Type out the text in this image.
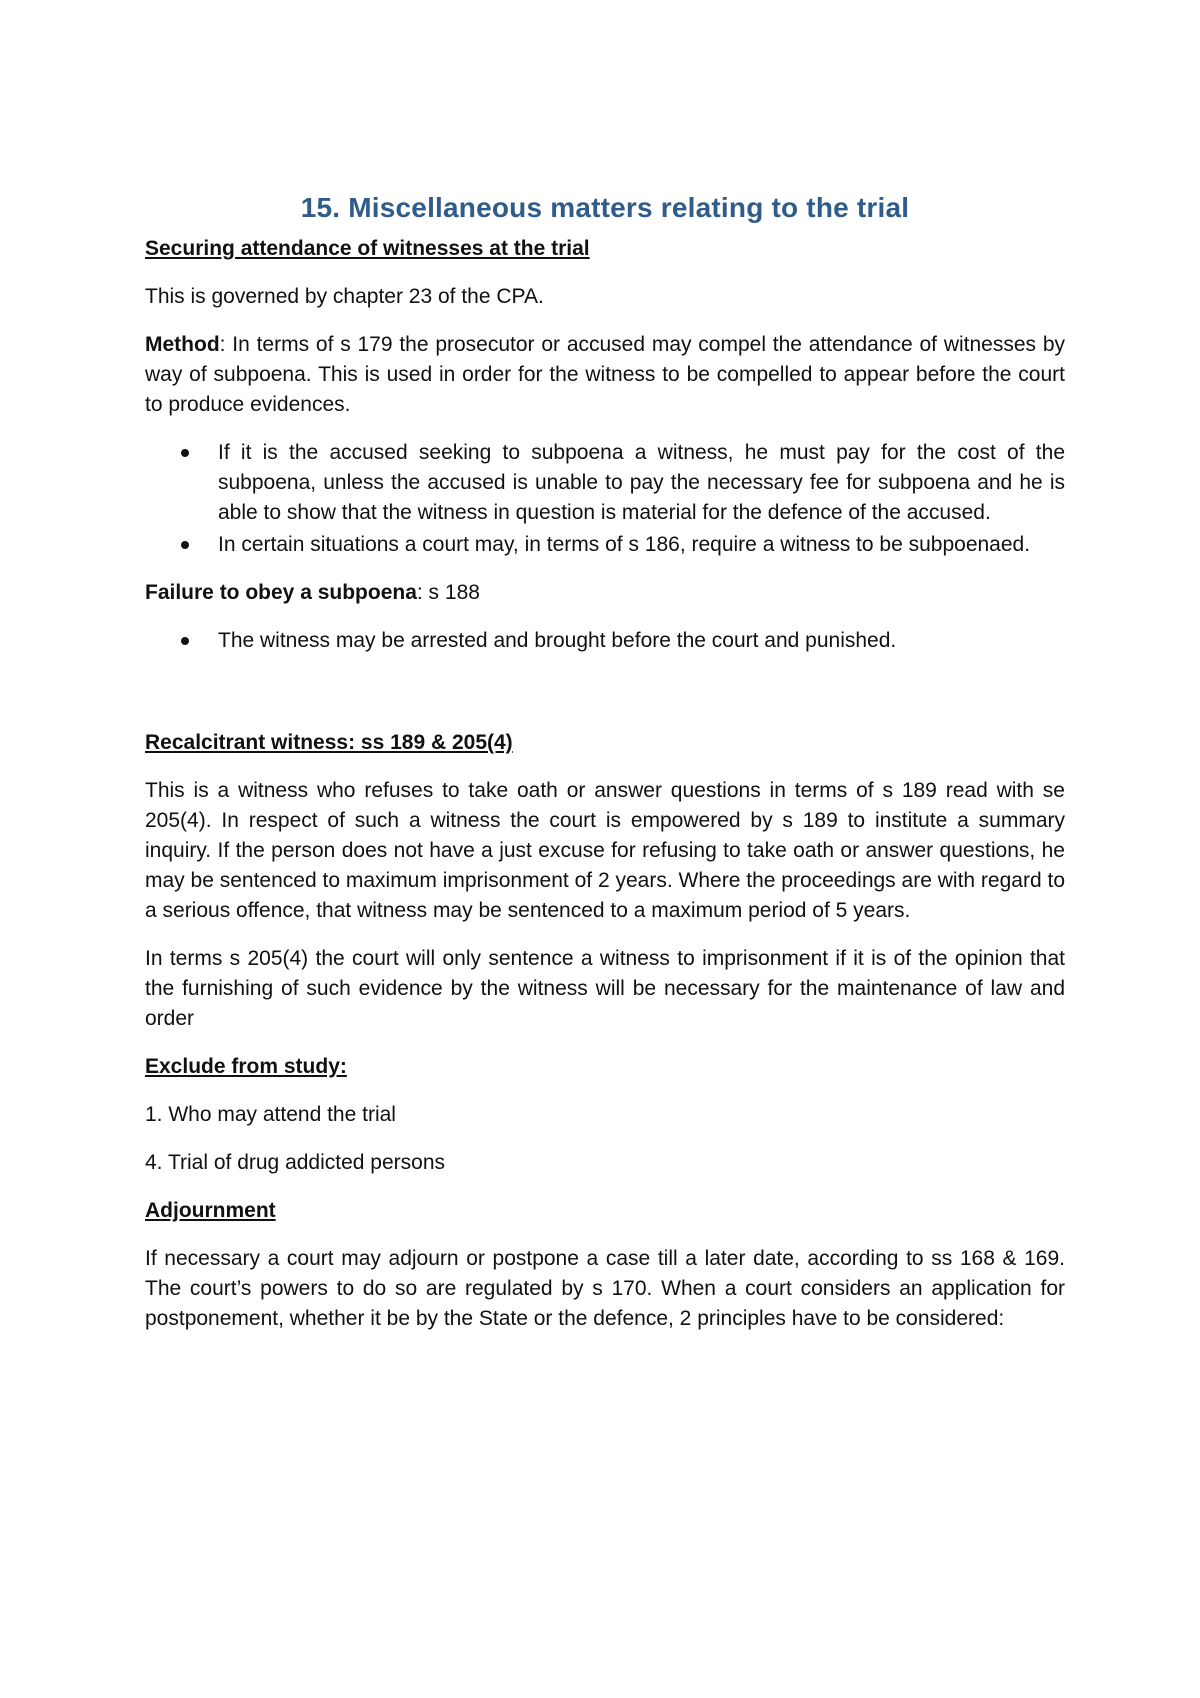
15. Miscellaneous matters relating to the trial
Securing attendance of witnesses at the trial

This is governed by chapter 23 of the CPA.

Method: In terms of s 179 the prosecutor or accused may compel the attendance of witnesses by way of subpoena. This is used in order for the witness to be compelled to appear before the court to produce evidences.

If it is the accused seeking to subpoena a witness, he must pay for the cost of the subpoena, unless the accused is unable to pay the necessary fee for subpoena and he is able to show that the witness in question is material for the defence of the accused.
In certain situations a court may, in terms of s 186, require a witness to be subpoenaed.

Failure to obey a subpoena: s 188

The witness may be arrested and brought before the court and punished.
Recalcitrant witness: ss 189 & 205(4)

This is a witness who refuses to take oath or answer questions in terms of s 189 read with se 205(4). In respect of such a witness the court is empowered by s 189 to institute a summary inquiry. If the person does not have a just excuse for refusing to take oath or answer questions, he may be sentenced to maximum imprisonment of 2 years. Where the proceedings are with regard to a serious offence, that witness may be sentenced to a maximum period of 5 years.

In terms s 205(4) the court will only sentence a witness to imprisonment if it is of the opinion that the furnishing of such evidence by the witness will be necessary for the maintenance of law and order

Exclude from study:

1. Who may attend the trial

4. Trial of drug addicted persons

Adjournment

If necessary a court may adjourn or postpone a case till a later date, according to ss 168 & 169. The court’s powers to do so are regulated by s 170. When a court considers an application for postponement, whether it be by the State or the defence, 2 principles have to be considered:
